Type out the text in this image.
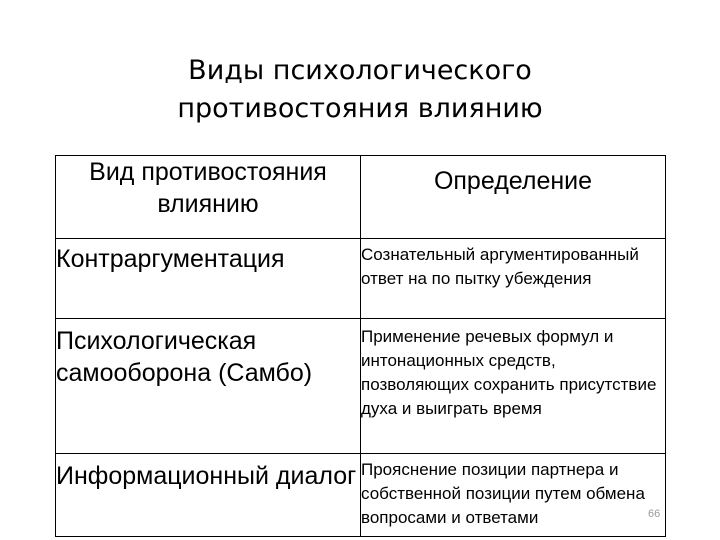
Виды психологического
противостояния влиянию
Вид противостояния влиянию	Определение
Контраргументация	Сознательный аргументированный ответ на по пытку убеждения
Психологическая самооборона (Самбо)	Применение речевых формул и интонационных средств, позволяющих сохранить присутствие духа и выиграть время
Информационный диалог	Прояснение позиции партнера и собственной позиции путем обмена вопросами и ответами	66
